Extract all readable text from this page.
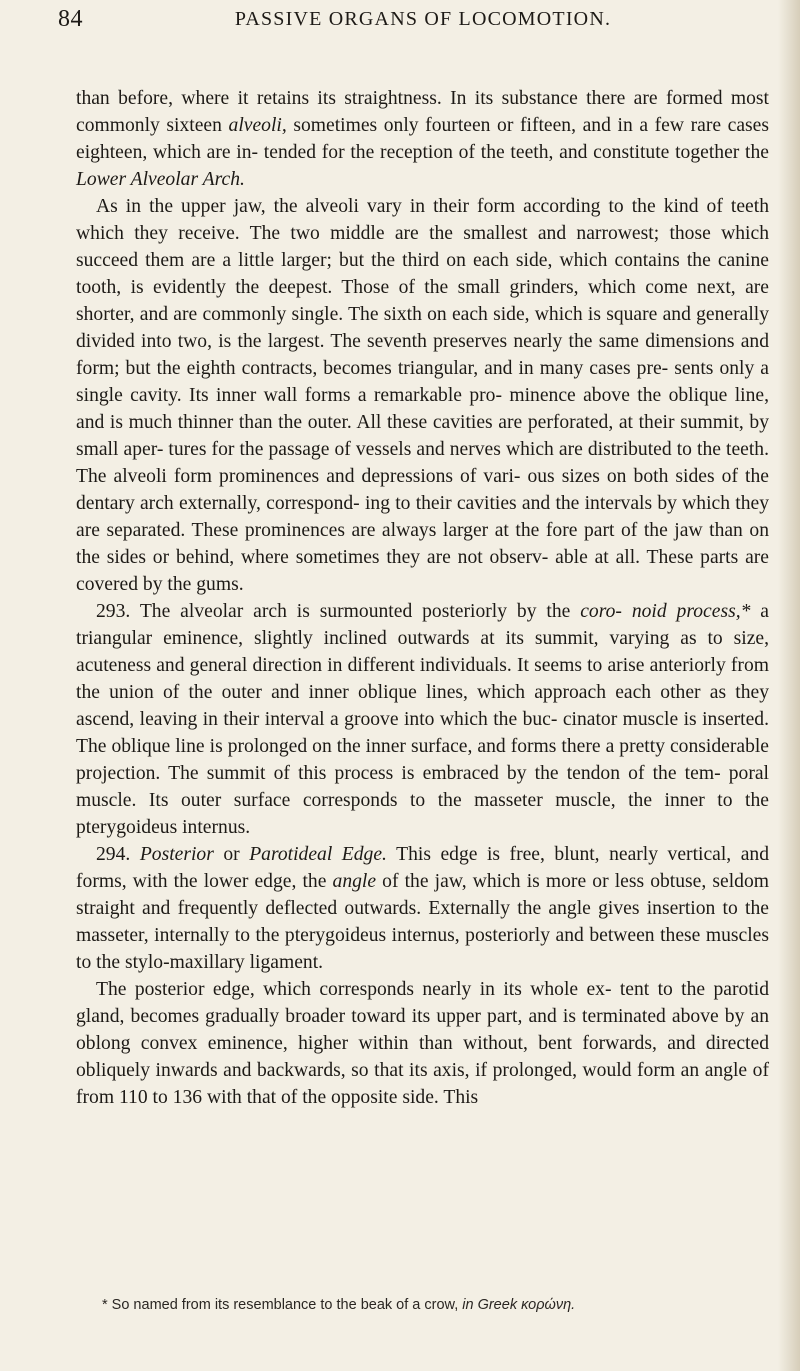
84	PASSIVE ORGANS OF LOCOMOTION.

than before, where it retains its straightness. In its substance there are formed most commonly sixteen alveoli, sometimes only fourteen or fifteen, and in a few rare cases eighteen, which are in- tended for the reception of the teeth, and constitute together the Lower Alveolar Arch.

As in the upper jaw, the alveoli vary in their form according to the kind of teeth which they receive. The two middle are the smallest and narrowest; those which succeed them are a little larger; but the third on each side, which contains the canine tooth, is evidently the deepest. Those of the small grinders, which come next, are shorter, and are commonly single. The sixth on each side, which is square and generally divided into two, is the largest. The seventh preserves nearly the same dimensions and form; but the eighth contracts, becomes triangular, and in many cases pre- sents only a single cavity. Its inner wall forms a remarkable pro- minence above the oblique line, and is much thinner than the outer. All these cavities are perforated, at their summit, by small aper- tures for the passage of vessels and nerves which are distributed to the teeth. The alveoli form prominences and depressions of vari- ous sizes on both sides of the dentary arch externally, correspond- ing to their cavities and the intervals by which they are separated. These prominences are always larger at the fore part of the jaw than on the sides or behind, where sometimes they are not observ- able at all. These parts are covered by the gums.

293. The alveolar arch is surmounted posteriorly by the coro- noid process,* a triangular eminence, slightly inclined outwards at its summit, varying as to size, acuteness and general direction in different individuals. It seems to arise anteriorly from the union of the outer and inner oblique lines, which approach each other as they ascend, leaving in their interval a groove into which the buc- cinator muscle is inserted. The oblique line is prolonged on the inner surface, and forms there a pretty considerable projection. The summit of this process is embraced by the tendon of the tem- poral muscle. Its outer surface corresponds to the masseter muscle, the inner to the pterygoideus internus.

294. Posterior or Parotideal Edge. This edge is free, blunt, nearly vertical, and forms, with the lower edge, the angle of the jaw, which is more or less obtuse, seldom straight and frequently deflected outwards. Externally the angle gives insertion to the masseter, internally to the pterygoideus internus, posteriorly and between these muscles to the stylo-maxillary ligament.

The posterior edge, which corresponds nearly in its whole ex- tent to the parotid gland, becomes gradually broader toward its upper part, and is terminated above by an oblong convex eminence, higher within than without, bent forwards, and directed obliquely inwards and backwards, so that its axis, if prolonged, would form an angle of from 110 to 136 with that of the opposite side. This

* So named from its resemblance to the beak of a crow, in Greek κορώνη.
